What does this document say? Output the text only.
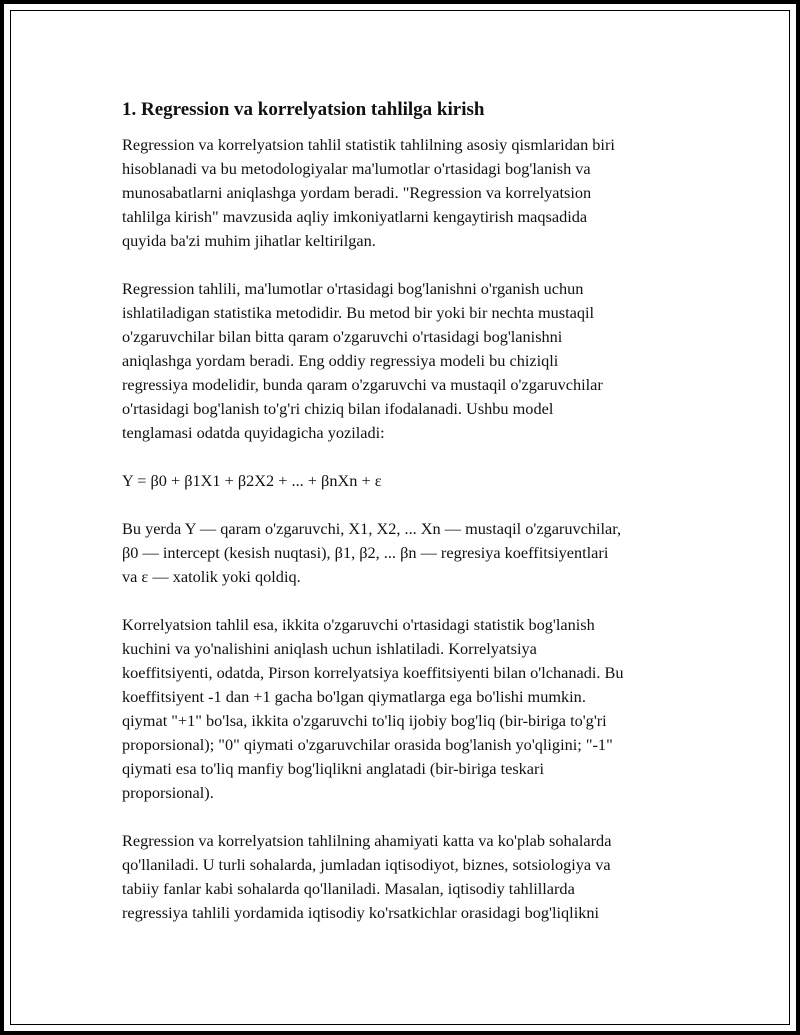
1. Regression va korrelyatsion tahlilga kirish
Regression va korrelyatsion tahlil statistik tahlilning asosiy qismlaridan biri
hisoblanadi va bu metodologiyalar ma'lumotlar o'rtasidagi bog'lanish va
munosabatlarni aniqlashga yordam beradi. "Regression va korrelyatsion
tahlilga kirish" mavzusida aqliy imkoniyatlarni kengaytirish maqsadida
quyida ba'zi muhim jihatlar keltirilgan.
Regression tahlili, ma'lumotlar o'rtasidagi bog'lanishni o'rganish uchun
ishlatiladigan statistika metodidir. Bu metod bir yoki bir nechta mustaqil
o'zgaruvchilar bilan bitta qaram o'zgaruvchi o'rtasidagi bog'lanishni
aniqlashga yordam beradi. Eng oddiy regressiya modeli bu chiziqli
regressiya modelidir, bunda qaram o'zgaruvchi va mustaqil o'zgaruvchilar
o'rtasidagi bog'lanish to'g'ri chiziq bilan ifodalanadi. Ushbu model
tenglamasi odatda quyidagicha yoziladi:
Y = β0 + β1X1 + β2X2 + ... + βnXn + ε
Bu yerda Y — qaram o'zgaruvchi, X1, X2, ... Xn — mustaqil o'zgaruvchilar,
β0 — intercept (kesish nuqtasi), β1, β2, ... βn — regresiya koeffitsiyentlari
va ε — xatolik yoki qoldiq.
Korrelyatsion tahlil esa, ikkita o'zgaruvchi o'rtasidagi statistik bog'lanish
kuchini va yo'nalishini aniqlash uchun ishlatiladi. Korrelyatsiya
koeffitsiyenti, odatda, Pirson korrelyatsiya koeffitsiyenti bilan o'lchanadi. Bu
koeffitsiyent -1 dan +1 gacha bo'lgan qiymatlarga ega bo'lishi mumkin.
qiymat "+1" bo'lsa, ikkita o'zgaruvchi to'liq ijobiy bog'liq (bir-biriga to'g'ri
proporsional); "0" qiymati o'zgaruvchilar orasida bog'lanish yo'qligini; "-1"
qiymati esa to'liq manfiy bog'liqlikni anglatadi (bir-biriga teskari
proporsional).
Regression va korrelyatsion tahlilning ahamiyati katta va ko'plab sohalarda
qo'llaniladi. U turli sohalarda, jumladan iqtisodiyot, biznes, sotsiologiya va
tabiiy fanlar kabi sohalarda qo'llaniladi. Masalan, iqtisodiy tahlillarda
regressiya tahlili yordamida iqtisodiy ko'rsatkichlar orasidagi bog'liqlikni
